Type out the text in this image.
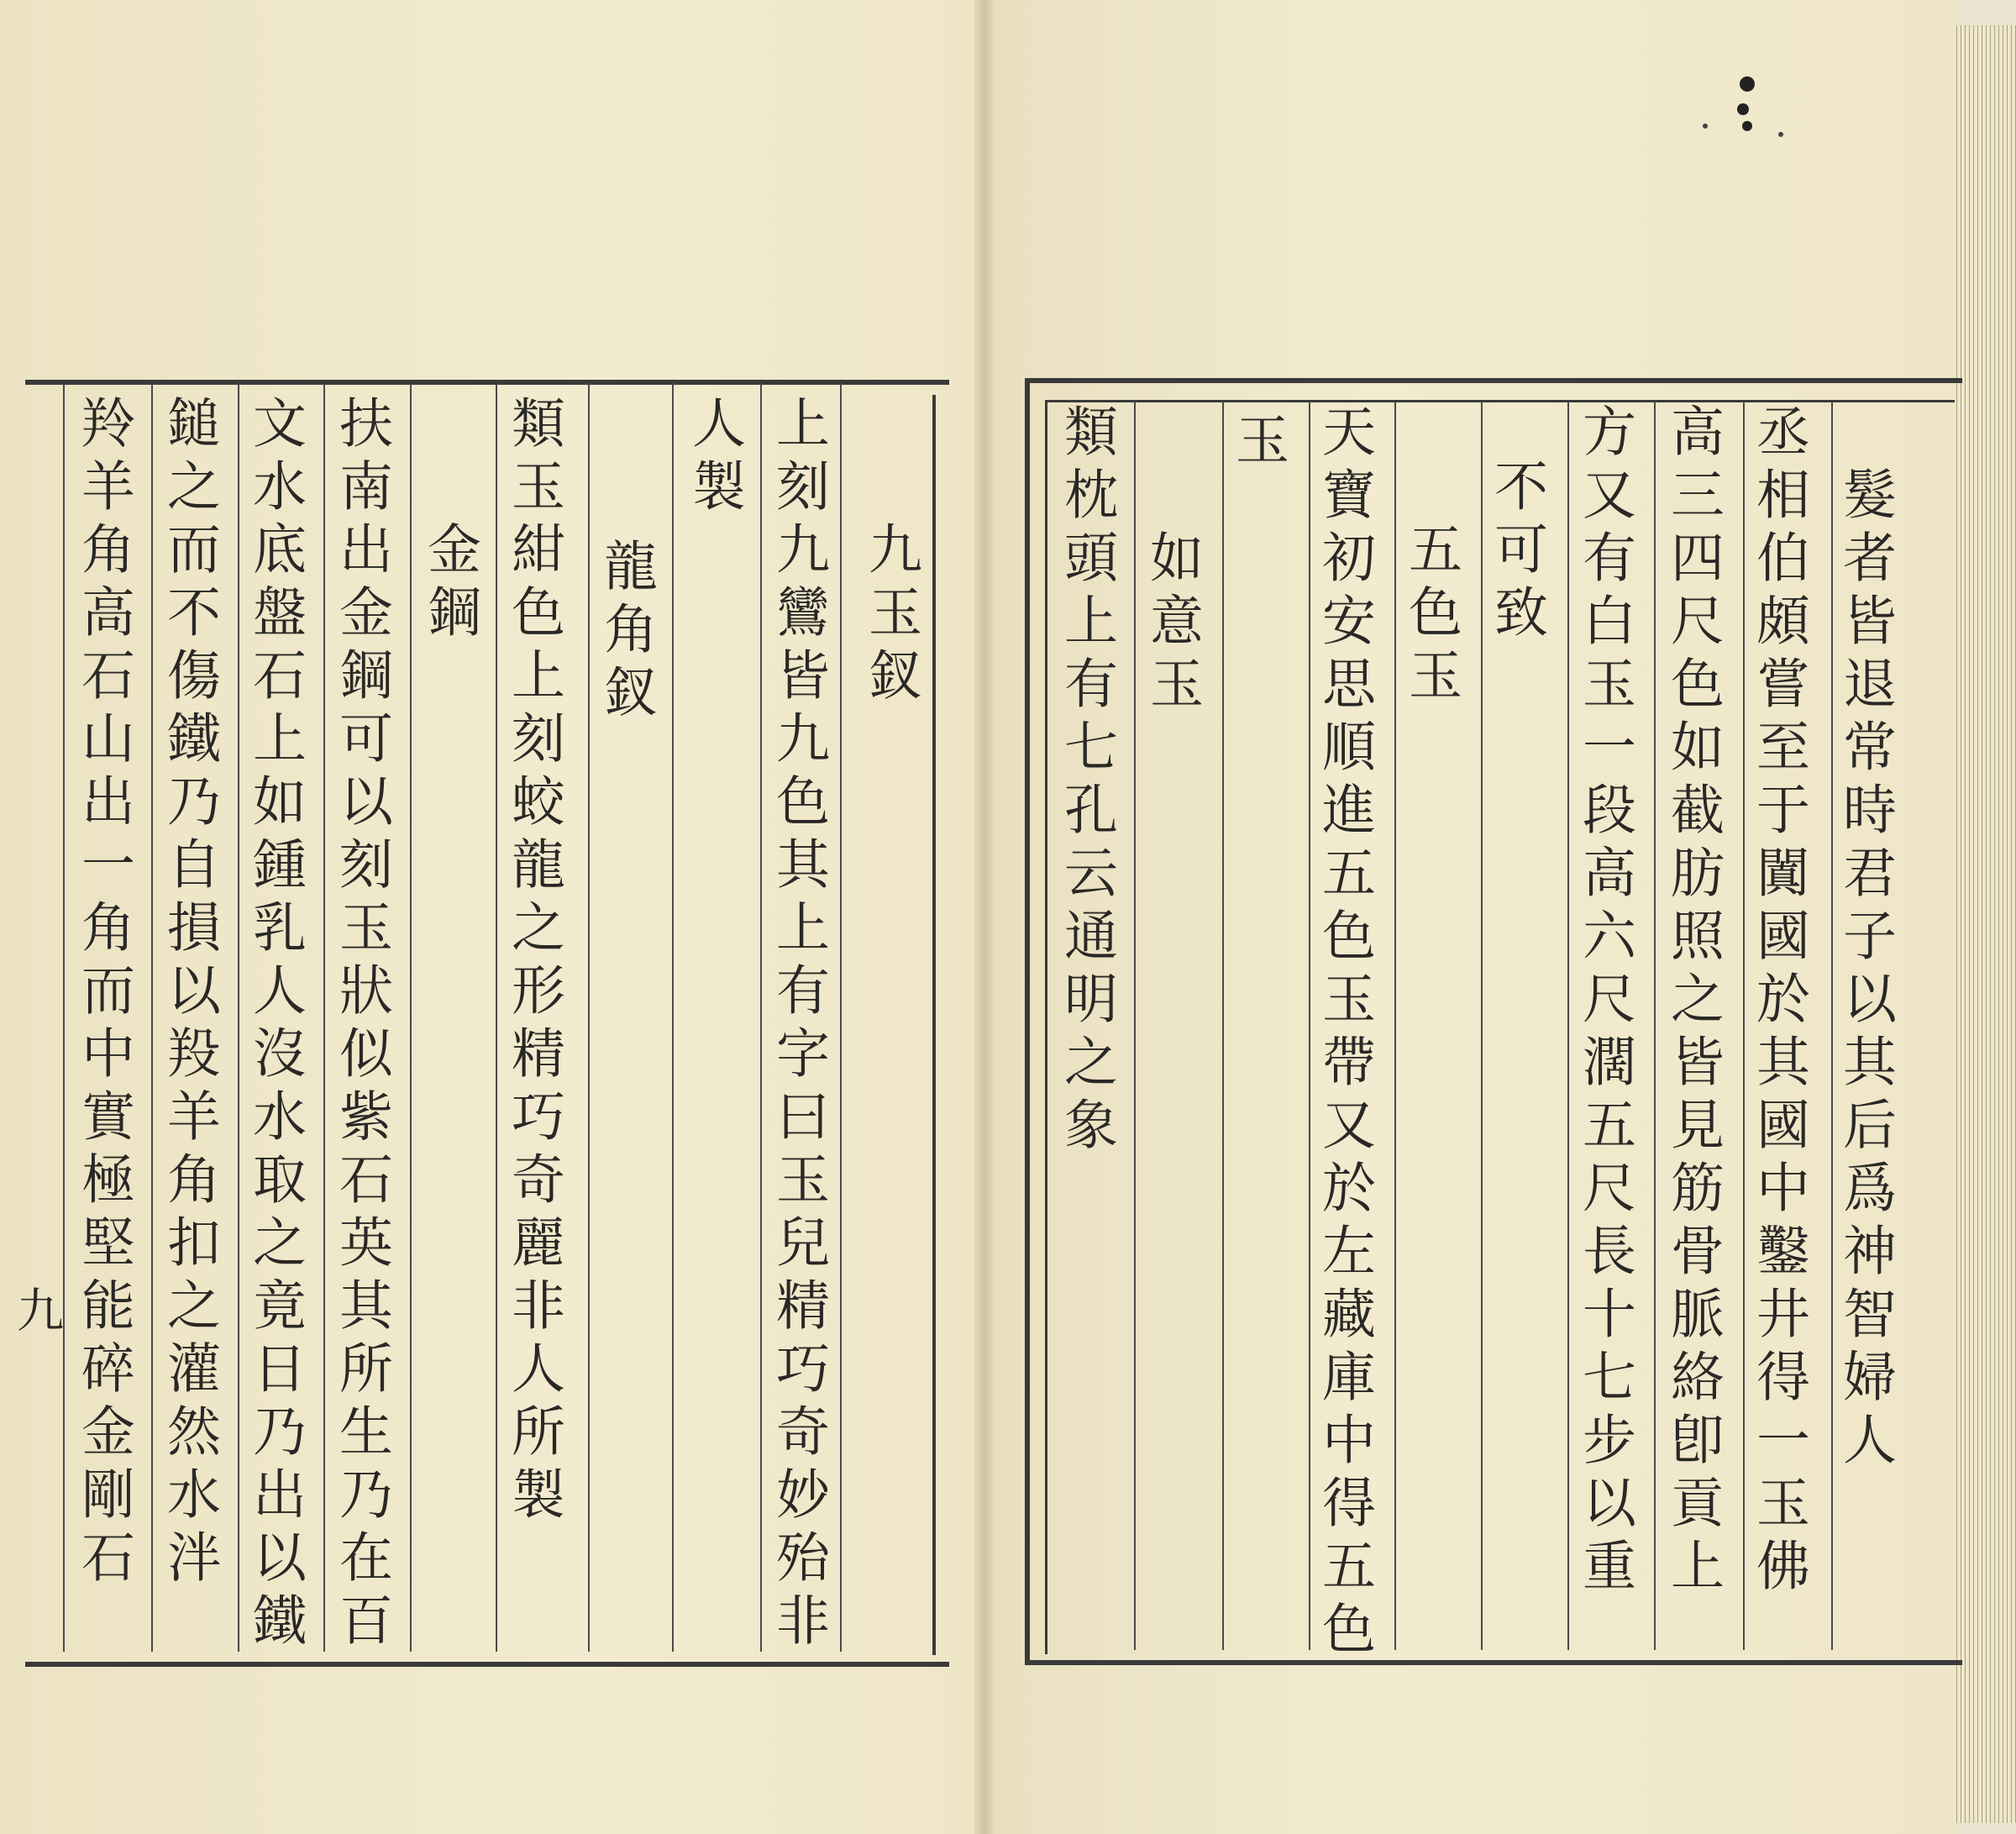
九玉釵
上刻九鸞皆九色其上有字曰玉兒精巧奇妙殆非
人製
龍角釵
類玉紺色上刻蛟龍之形精巧奇麗非人所製
金鋼
扶南出金鋼可以刻玉狀似紫石英其所生乃在百
文水底盤石上如鍾乳人沒水取之竟日乃出以鐵
鎚之而不傷鐵乃自損以羖羊角扣之灌然水泮
羚羊角高石山出一角而中實極堅能碎金剛石
九	髮者皆退常時君子以其后爲神智婦人
丞相伯頗嘗至于闐國於其國中鑿井得一玉佛
高三四尺色如截肪照之皆見筋骨脈絡卽貢上
方又有白玉一段高六尺濶五尺長十七步以重
不可致
五色玉
天寶初安思順進五色玉帶又於左藏庫中得五色
玉
如意玉
類枕頭上有七孔云通明之象
